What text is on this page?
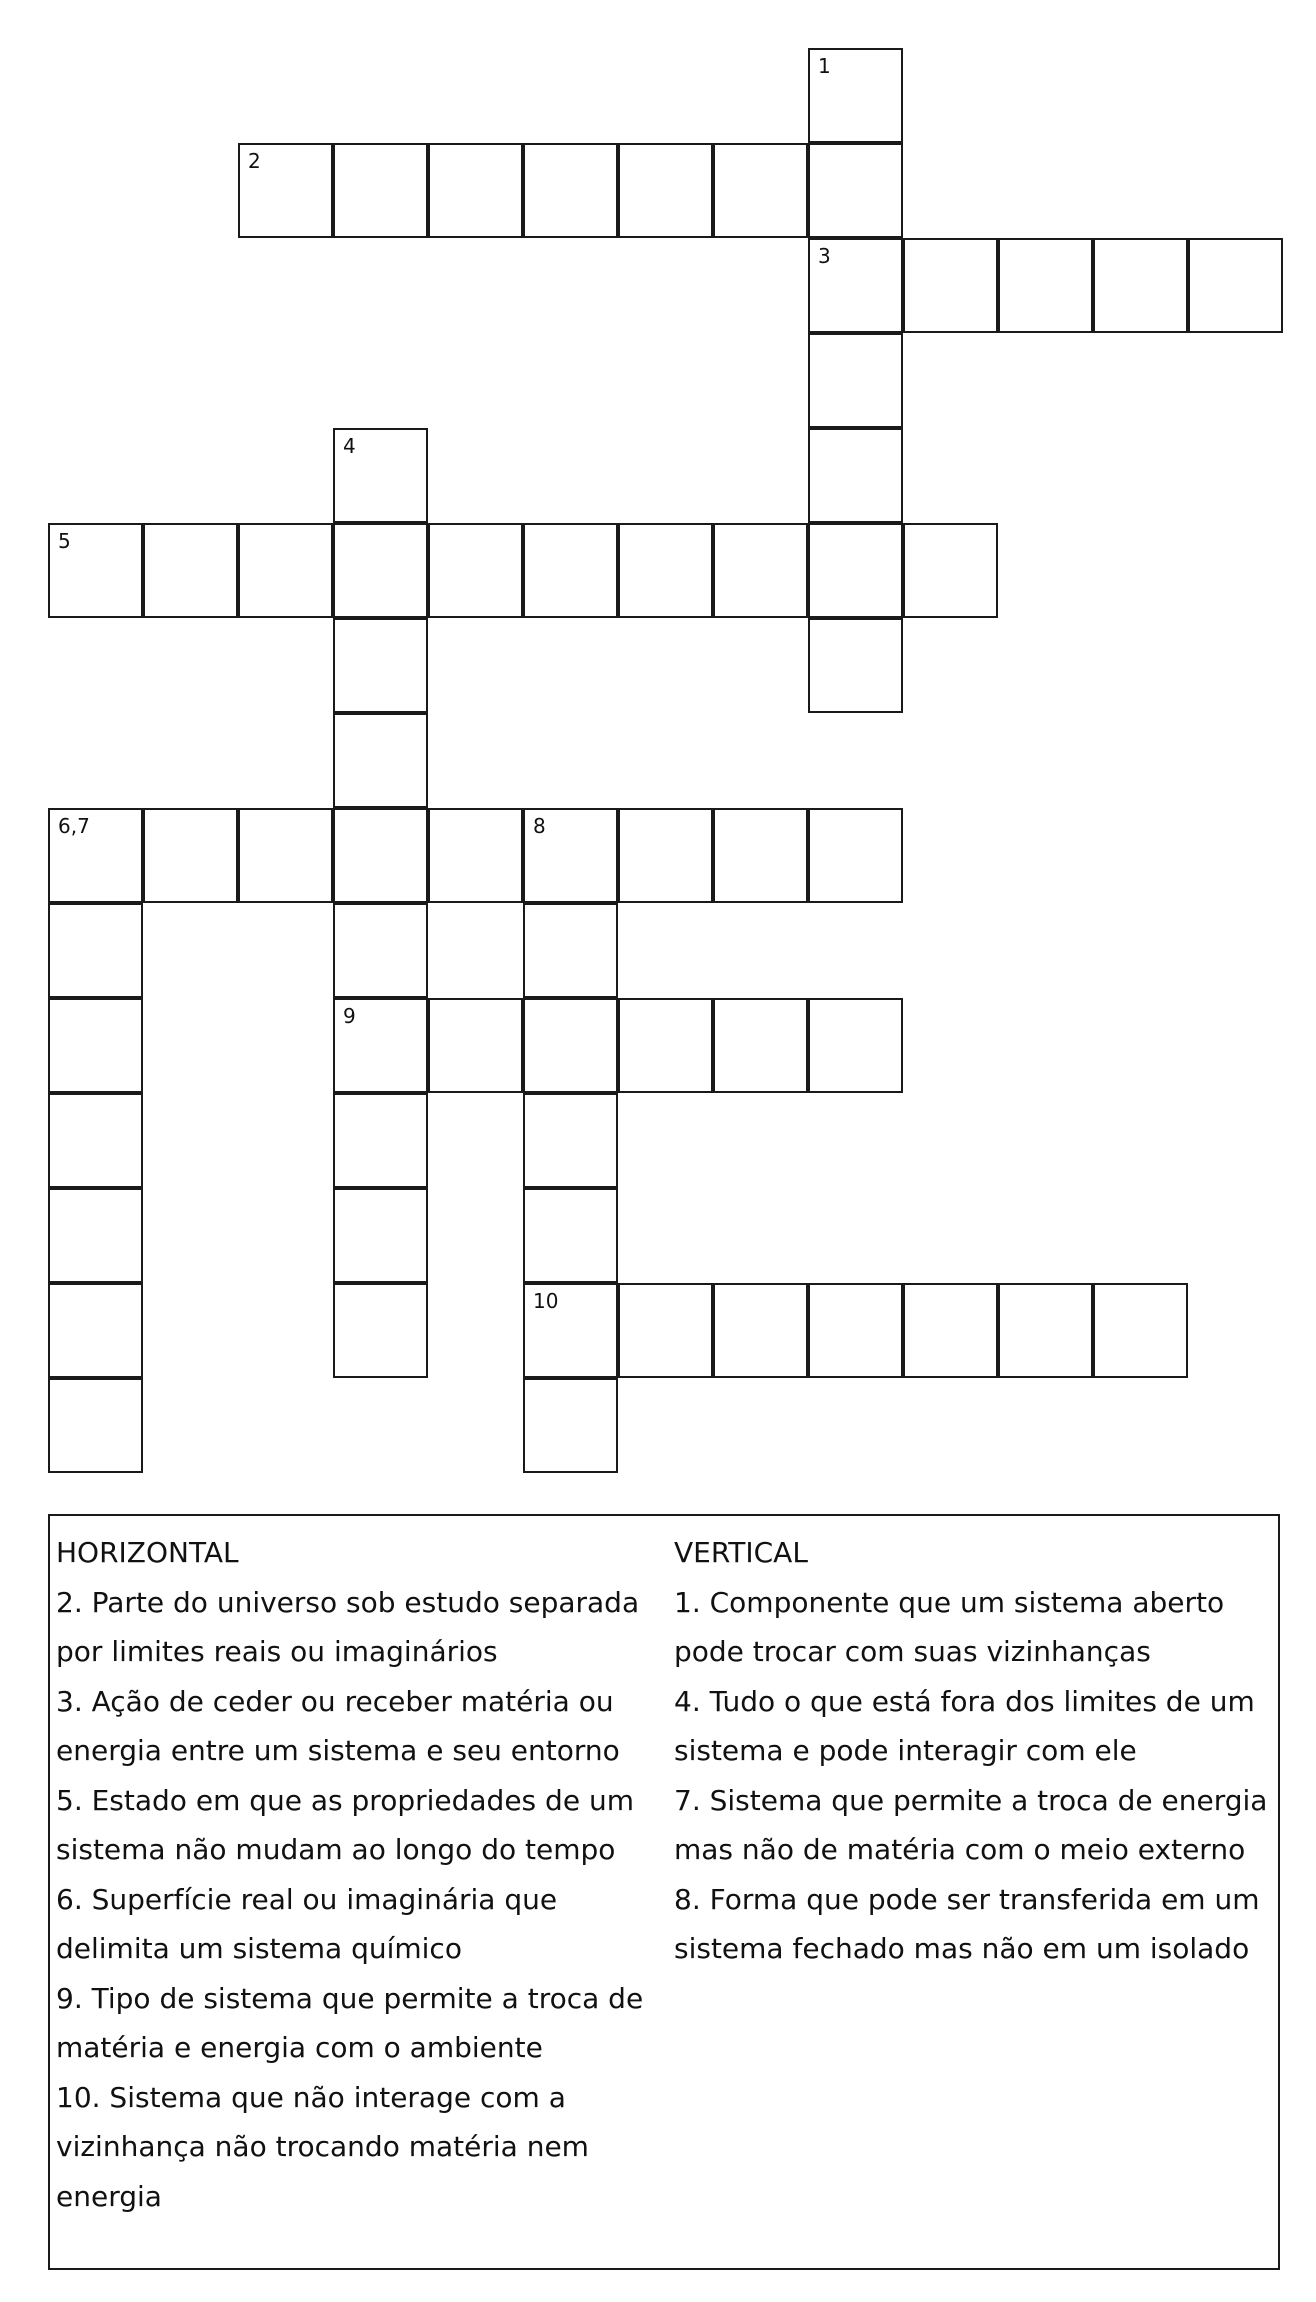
1
2
3
4
5
6,7	8
9
10
HORIZONTAL
2. Parte do universo sob estudo separada por limites reais ou imaginários
3. Ação de ceder ou receber matéria ou energia entre um sistema e seu entorno
5. Estado em que as propriedades de um sistema não mudam ao longo do tempo
6. Superfície real ou imaginária que delimita um sistema químico
9. Tipo de sistema que permite a troca de matéria e energia com o ambiente
10. Sistema que não interage com a vizinhança não trocando matéria nem energia
VERTICAL
1. Componente que um sistema aberto pode trocar com suas vizinhanças
4. Tudo o que está fora dos limites de um sistema e pode interagir com ele
7. Sistema que permite a troca de energia mas não de matéria com o meio externo
8. Forma que pode ser transferida em um sistema fechado mas não em um isolado
